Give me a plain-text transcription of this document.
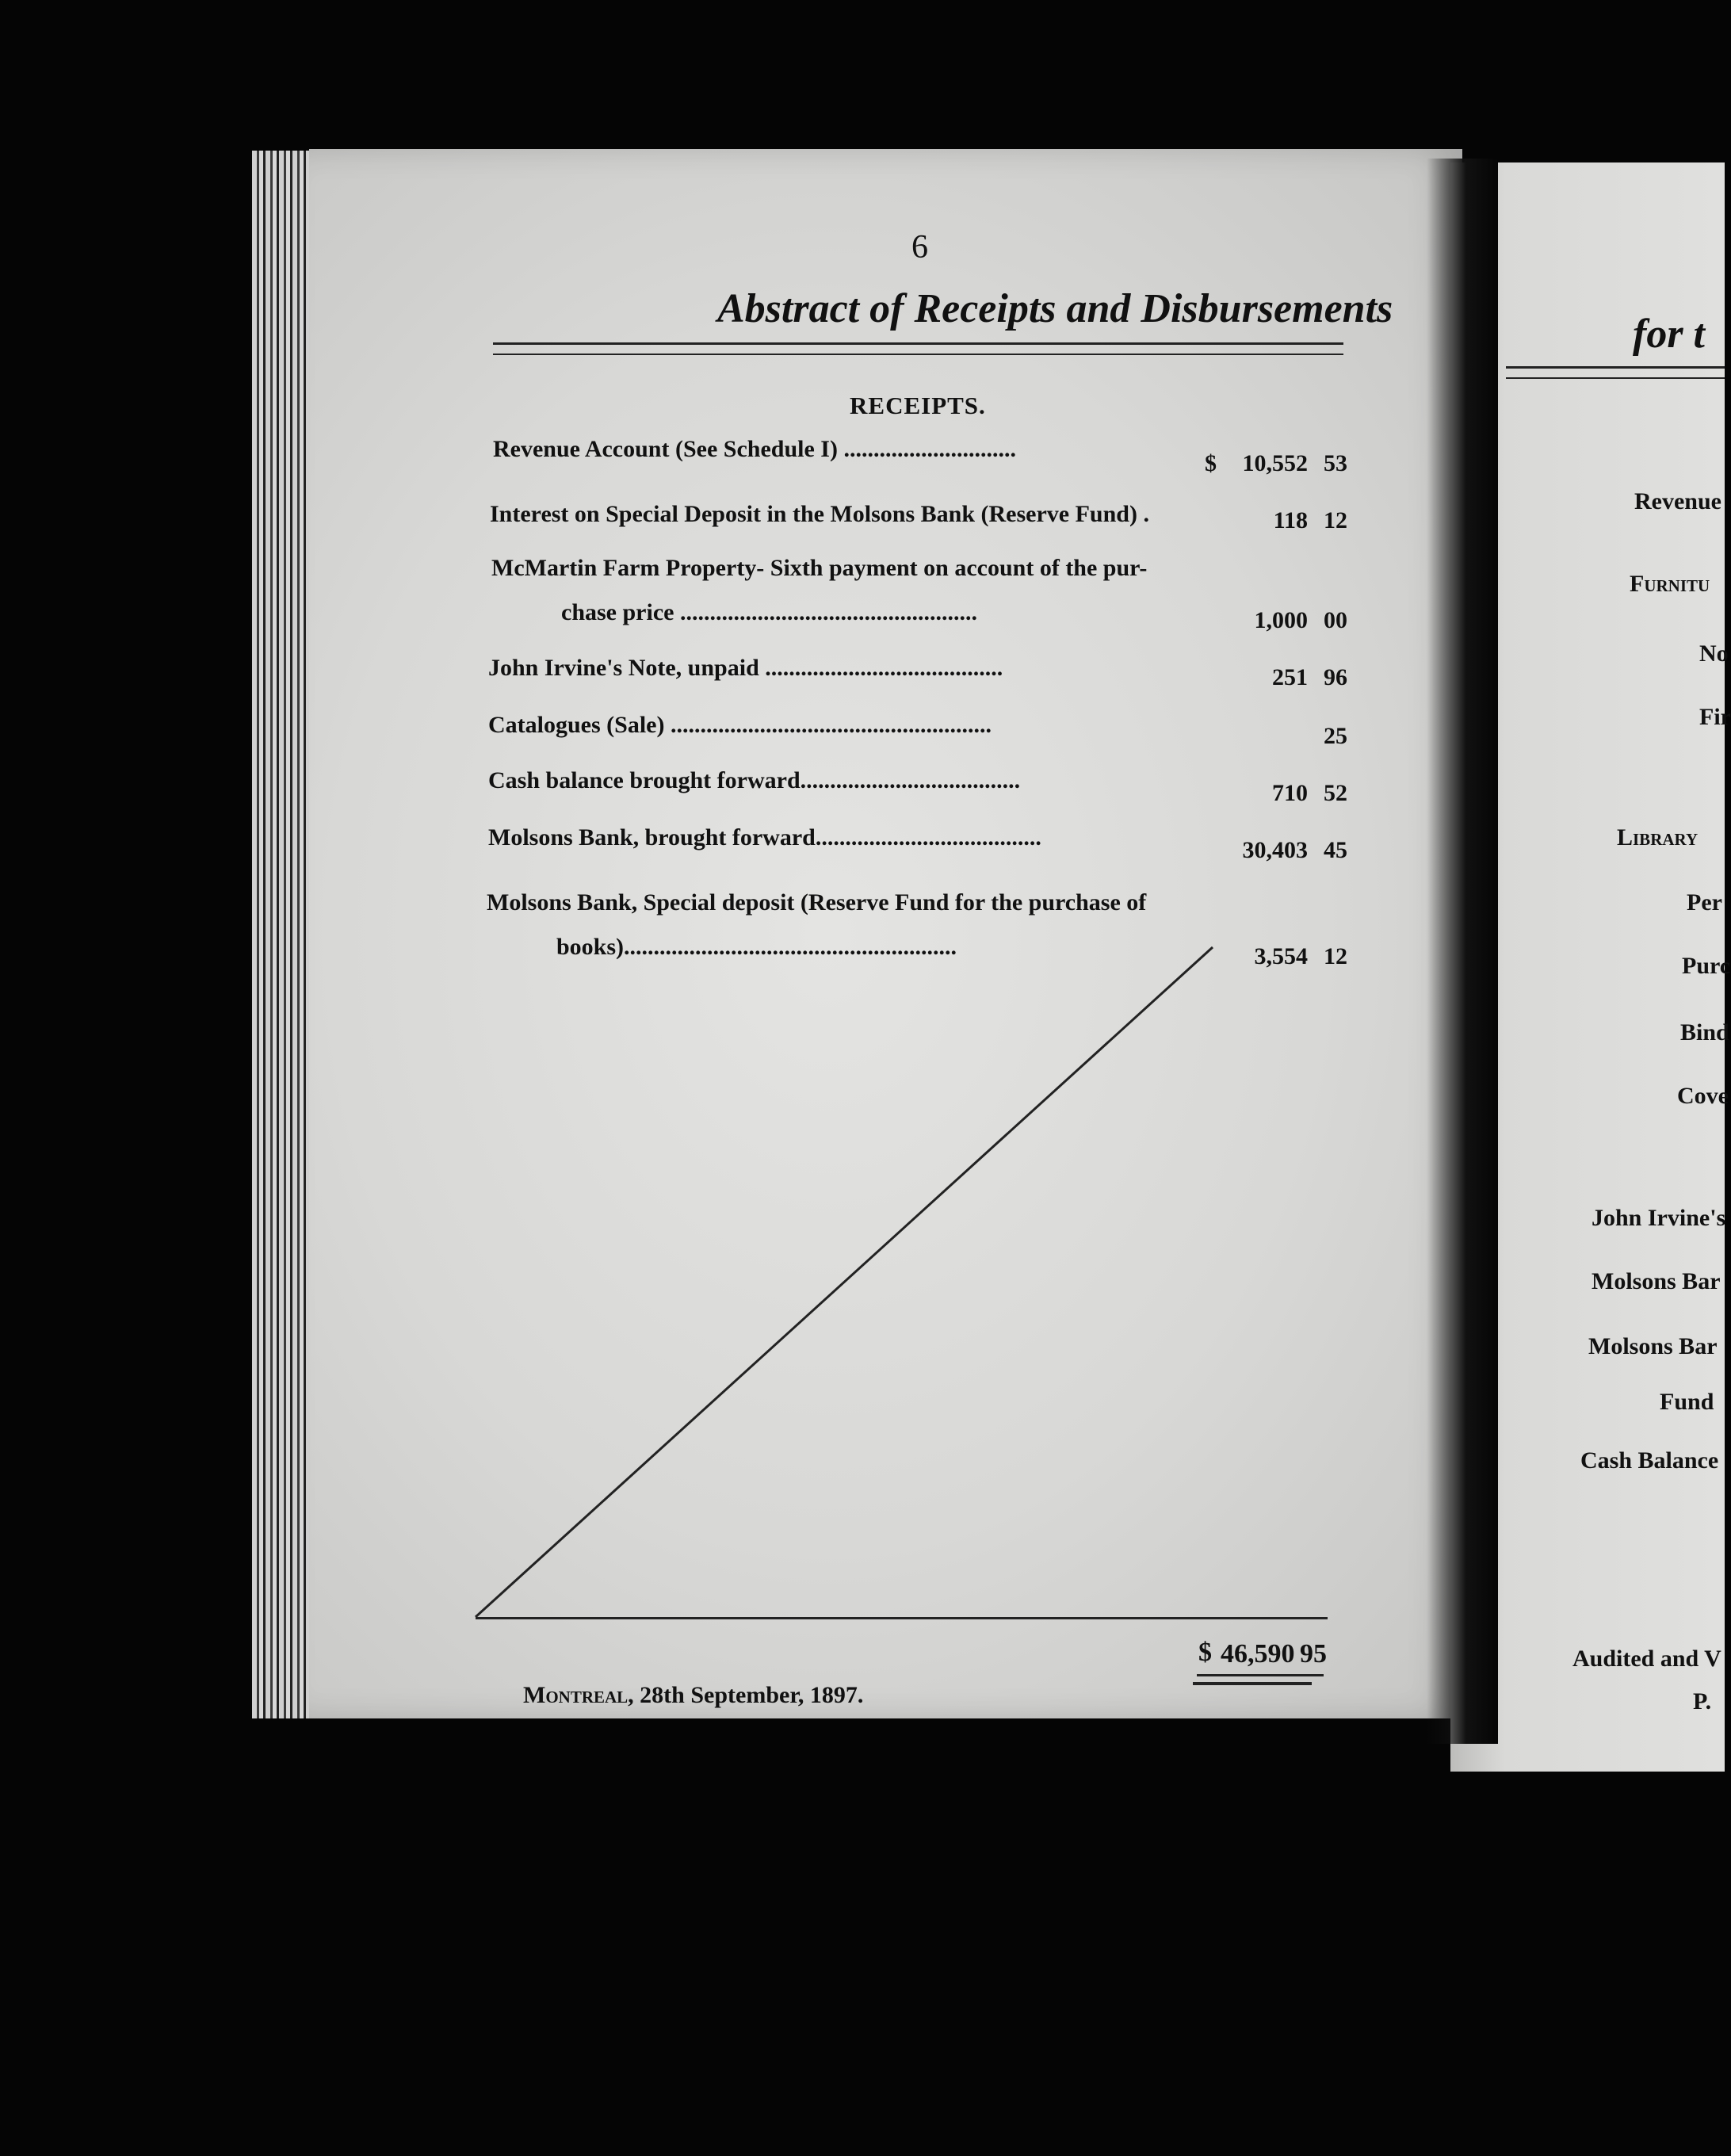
6
Abstract of Receipts and Disbursements
RECEIPTS.
Revenue Account (See Schedule I) .............................
$ 10,552 53
Interest on Special Deposit in the Molsons Bank (Reserve Fund) .	118 12
McMartin Farm Property- Sixth payment on account of the pur-
chase price ..................................................	1,000 00
John Irvine's Note, unpaid ........................................	251 96
Catalogues (Sale) ......................................................	25
Cash balance brought forward.....................................	710 52
Molsons Bank, brought forward......................................	30,403 45
Molsons Bank, Special deposit (Reserve Fund for the purchase of
books)........................................................	3,554 12
$ 46,590 95
Montreal, 28th September, 1897.
for t
Revenue
Furnitu
No
Fir
Library
Per
Purc
Bind
Cove
John Irvine's
Molsons Bar
Molsons Bar
Fund
Cash Balance
Audited and V
P.
